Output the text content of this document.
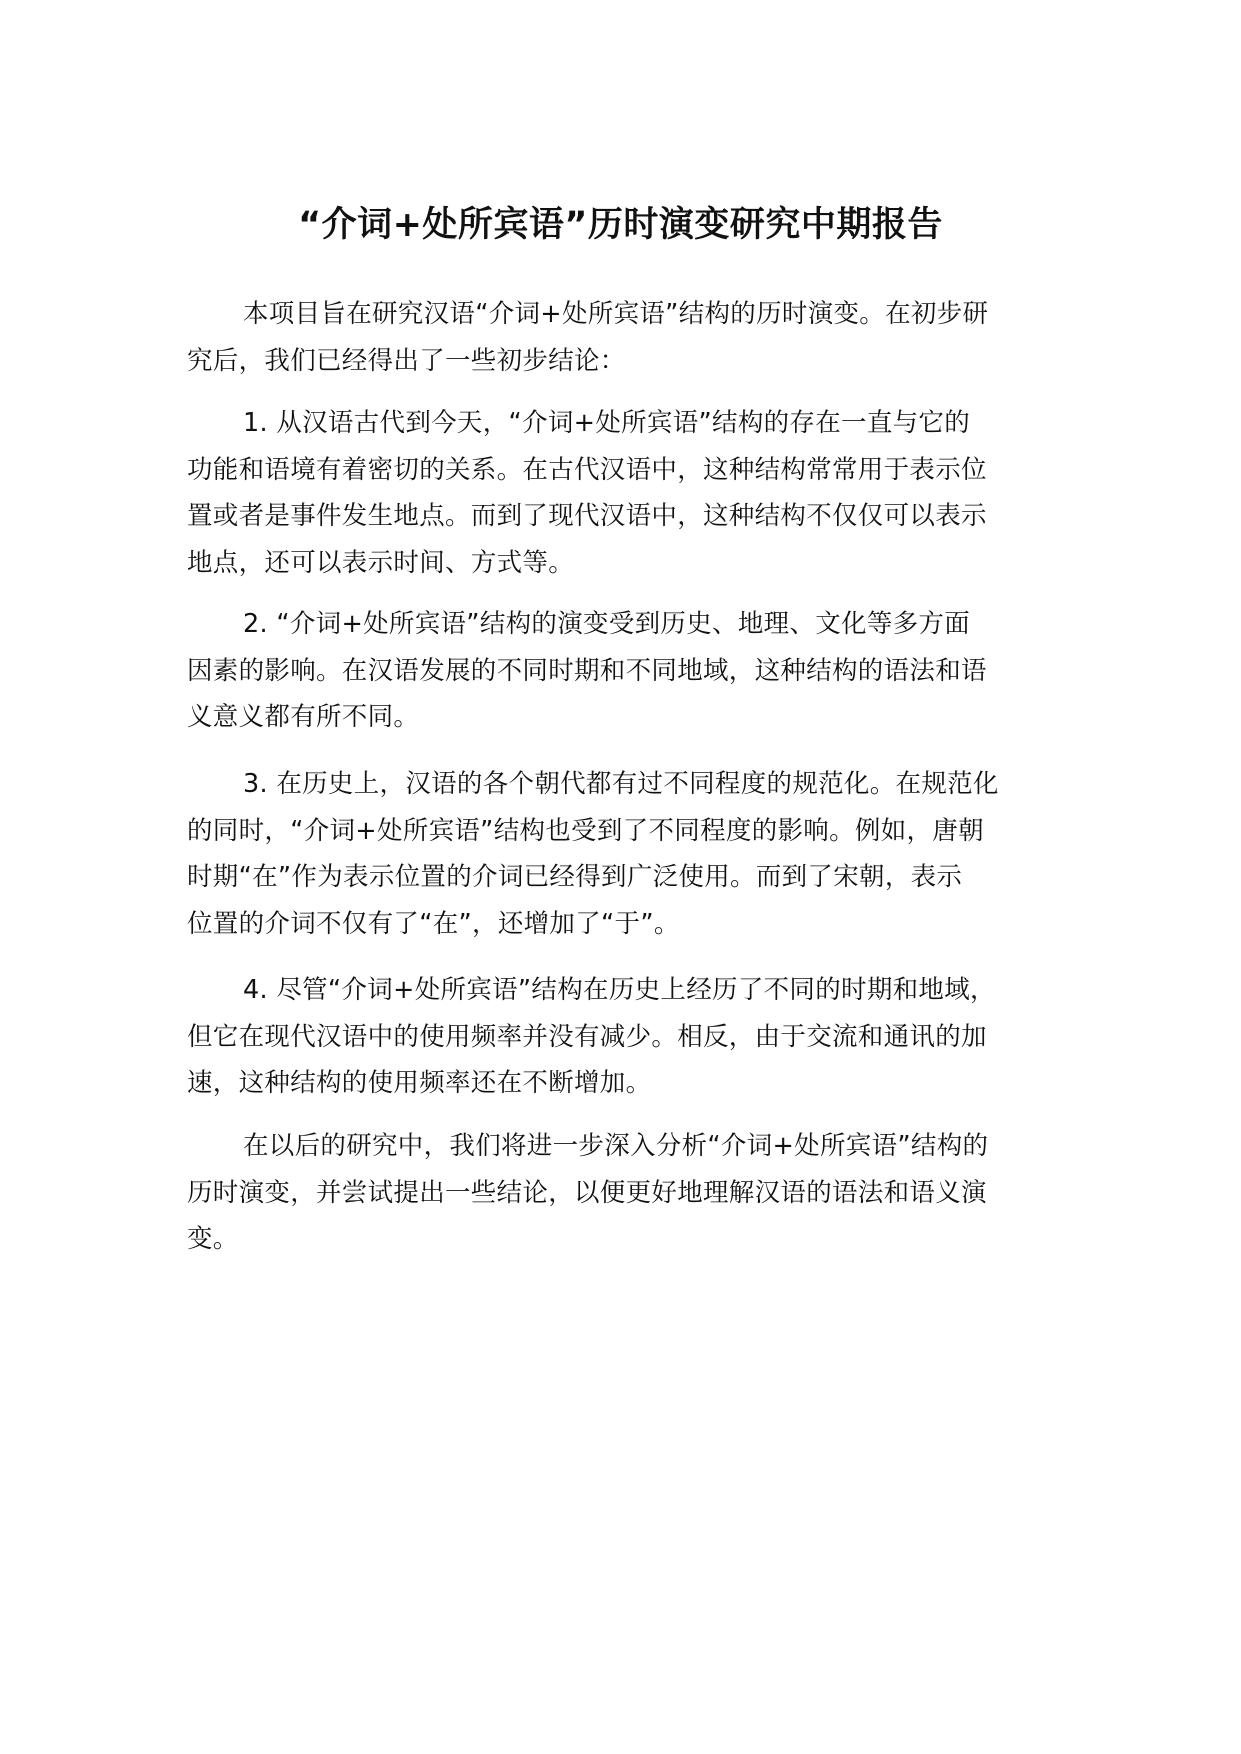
“介词+处所宾语”历时演变研究中期报告

本项目旨在研究汉语“介词+处所宾语”结构的历时演变。在初步研
究后，我们已经得出了一些初步结论：

1. 从汉语古代到今天，“介词+处所宾语”结构的存在一直与它的
功能和语境有着密切的关系。在古代汉语中，这种结构常常用于表示位
置或者是事件发生地点。而到了现代汉语中，这种结构不仅仅可以表示
地点，还可以表示时间、方式等。

2. “介词+处所宾语”结构的演变受到历史、地理、文化等多方面
因素的影响。在汉语发展的不同时期和不同地域，这种结构的语法和语
义意义都有所不同。

3. 在历史上，汉语的各个朝代都有过不同程度的规范化。在规范化
的同时，“介词+处所宾语”结构也受到了不同程度的影响。例如，唐朝
时期“在”作为表示位置的介词已经得到广泛使用。而到了宋朝，表示
位置的介词不仅有了“在”，还增加了“于”。

4. 尽管“介词+处所宾语”结构在历史上经历了不同的时期和地域，
但它在现代汉语中的使用频率并没有减少。相反，由于交流和通讯的加
速，这种结构的使用频率还在不断增加。

在以后的研究中，我们将进一步深入分析“介词+处所宾语”结构的
历时演变，并尝试提出一些结论，以便更好地理解汉语的语法和语义演
变。
